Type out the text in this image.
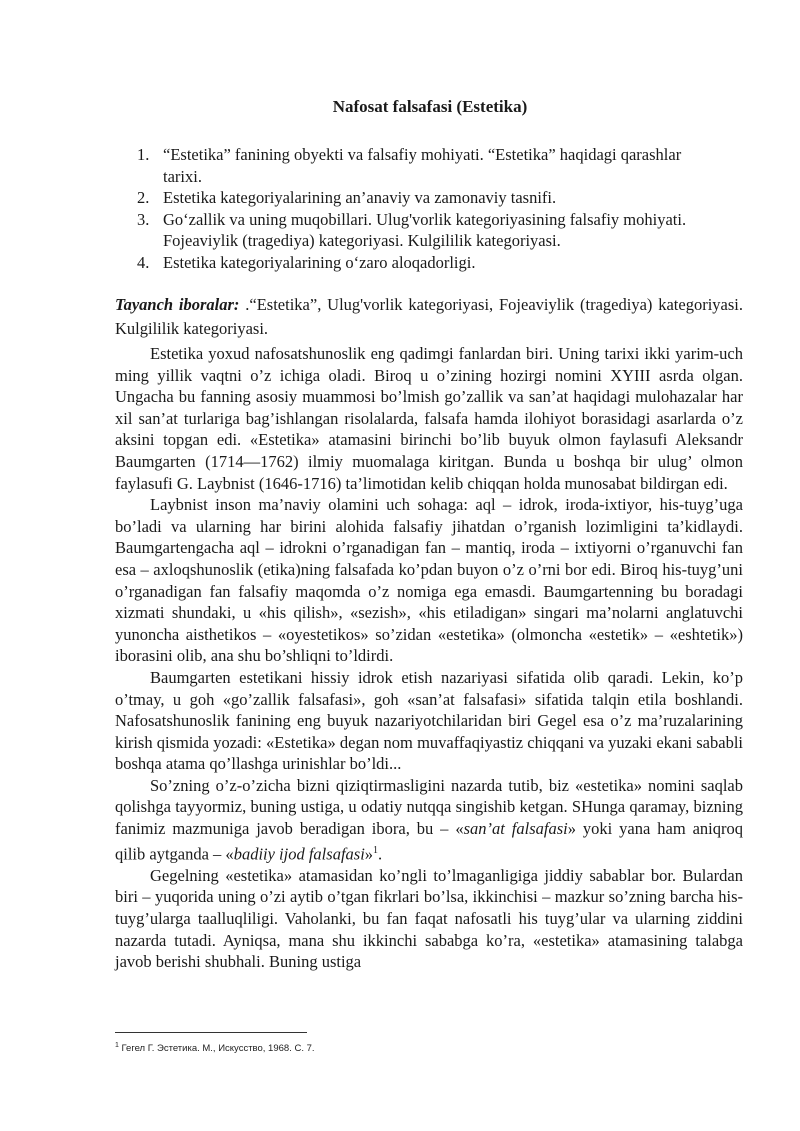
Nafosat falsafasi (Estetika)
1. “Estetika” fanining obyekti va falsafiy mohiyati. “Estetika” haqidagi qarashlar tarixi.
2. Estetika kategoriyalarining an’anaviy va zamonaviy tasnifi.
3. Go‘zallik va uning muqobillari. Ulug'vorlik kategoriyasining falsafiy mohiyati. Fojeaviylik (tragediya) kategoriyasi. Kulgililik kategoriyasi.
4. Estetika kategoriyalarining o‘zaro aloqadorligi.

Tayanch iboralar: .“Estetika”, Ulug'vorlik kategoriyasi, Fojeaviylik (tragediya) kategoriyasi. Kulgililik kategoriyasi.

Estetika yoxud nafosatshunoslik eng qadimgi fanlardan biri. Uning tarixi ikki yarim-uch ming yillik vaqtni o’z ichiga oladi. Biroq u o’zining hozirgi nomini XYIII asrda olgan. Ungacha bu fanning asosiy muammosi bo’lmish go’zallik va san’at haqidagi mulohazalar har xil san’at turlariga bag’ishlangan risolalarda, falsafa hamda ilohiyot borasidagi asarlarda o’z aksini topgan edi. «Estetika» atamasini birinchi bo’lib buyuk olmon faylasufi Aleksandr Baumgarten (1714—1762) ilmiy muomalaga kiritgan. Bunda u boshqa bir ulug’ olmon faylasufi G. Laybnist (1646-1716) ta’limotidan kelib chiqqan holda munosabat bildirgan edi.

Laybnist inson ma’naviy olamini uch sohaga: aql – idrok, iroda-ixtiyor, his-tuyg’uga bo’ladi va ularning har birini alohida falsafiy jihatdan o’rganish lozimligini ta’kidlaydi. Baumgartengacha aql – idrokni o’rganadigan fan – mantiq, iroda – ixtiyorni o’rganuvchi fan esa – axloqshunoslik (etika)ning falsafada ko’pdan buyon o’z o’rni bor edi. Biroq his-tuyg’uni o’rganadigan fan falsafiy maqomda o’z nomiga ega emasdi. Baumgartenning bu boradagi xizmati shundaki, u «his qilish», «sezish», «his etiladigan» singari ma’nolarni anglatuvchi yunoncha aisthetikos – «oyestetikos» so’zidan «estetika» (olmoncha «estetik» – «eshtetik») iborasini olib, ana shu bo’shliqni to’ldirdi.

Baumgarten estetikani hissiy idrok etish nazariyasi sifatida olib qaradi. Lekin, ko’p o’tmay, u goh «go’zallik falsafasi», goh «san’at falsafasi» sifatida talqin etila boshlandi. Nafosatshunoslik fanining eng buyuk nazariyotchilaridan biri Gegel esa o’z ma’ruzalarining kirish qismida yozadi: «Estetika» degan nom muvaffaqiyastiz chiqqani va yuzaki ekani sababli boshqa atama qo’llashga urinishlar bo’ldi...

So’zning o’z-o’zicha bizni qiziqtirmasligini nazarda tutib, biz «estetika» nomini saqlab qolishga tayyormiz, buning ustiga, u odatiy nutqqa singishib ketgan. SHunga qaramay, bizning fanimiz mazmuniga javob beradigan ibora, bu – «san’at falsafasi» yoki yana ham aniqroq qilib aytganda – «badiiy ijod falsafasi»$^1$.

Gegelning «estetika» atamasidan ko’ngli to’lmaganligiga jiddiy sabablar bor. Bulardan biri – yuqorida uning o’zi aytib o’tgan fikrlari bo’lsa, ikkinchisi – mazkur so’zning barcha his-tuyg’ularga taalluqliligi. Vaholanki, bu fan faqat nafosatli his tuyg’ular va ularning ziddini nazarda tutadi. Ayniqsa, mana shu ikkinchi sababga ko’ra, «estetika» atamasining talabga javob berishi shubhali. Buning ustiga

$^1$ Гегел Г. Эстетика. М., Искусство, 1968. С. 7.
